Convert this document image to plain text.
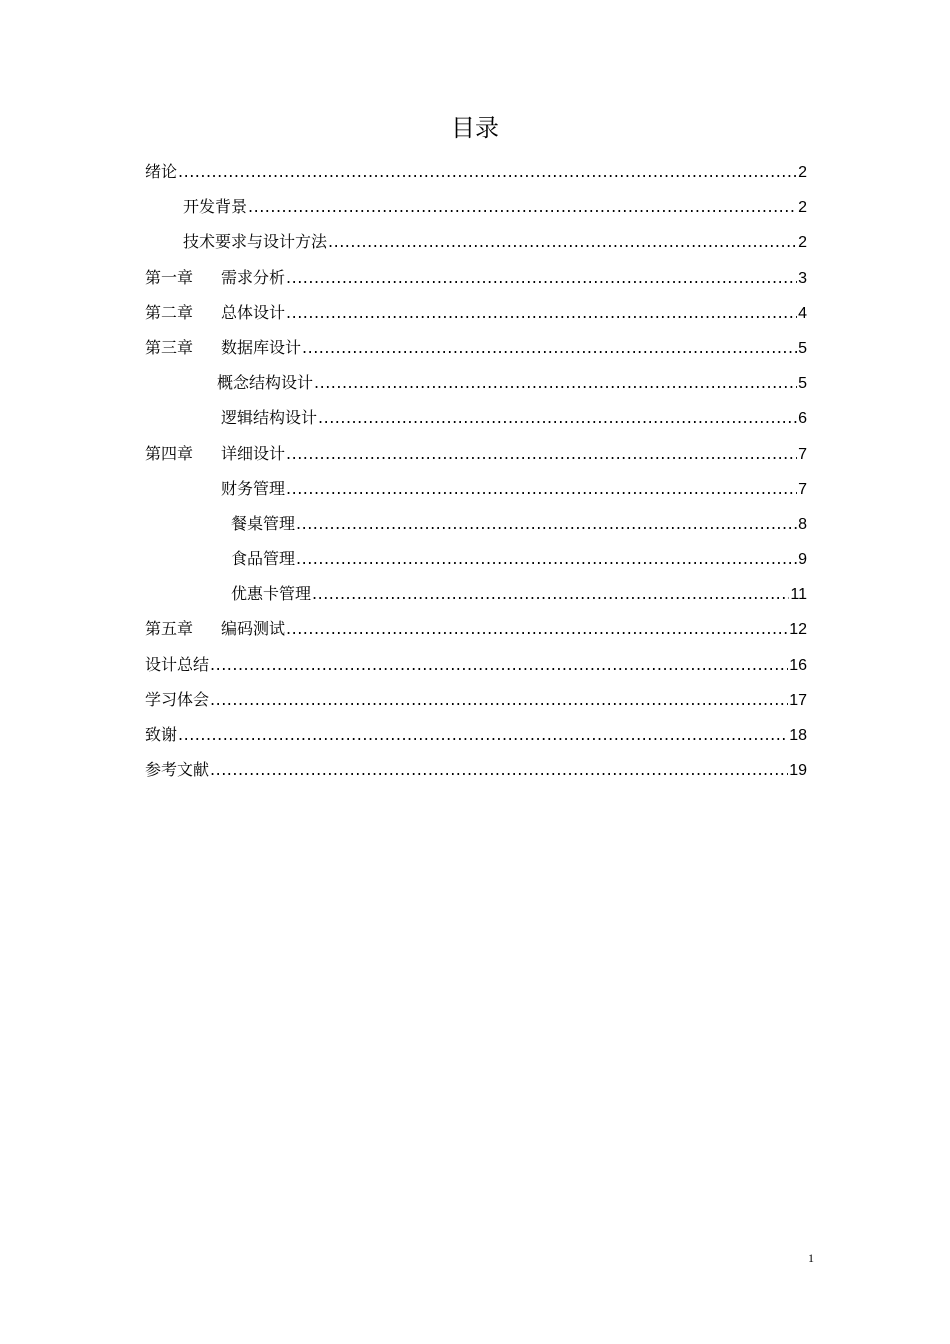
目录
绪论 .....	2
开发背景 .....	2
技术要求与设计方法 .....	2
第一章	需求分析 .....	3
第二章	总体设计 .....	4
第三章	数据库设计 .....	5
概念结构设计 .....	5
逻辑结构设计 .....	6
第四章	详细设计 .....	7
财务管理 .....	7
餐桌管理 .....	8
食品管理 .....	9
优惠卡管理 .....	11
第五章	编码测试 .....	12
设计总结 .....	16
学习体会 .....	17
致谢 .....	18
参考文献 .....	19
1
